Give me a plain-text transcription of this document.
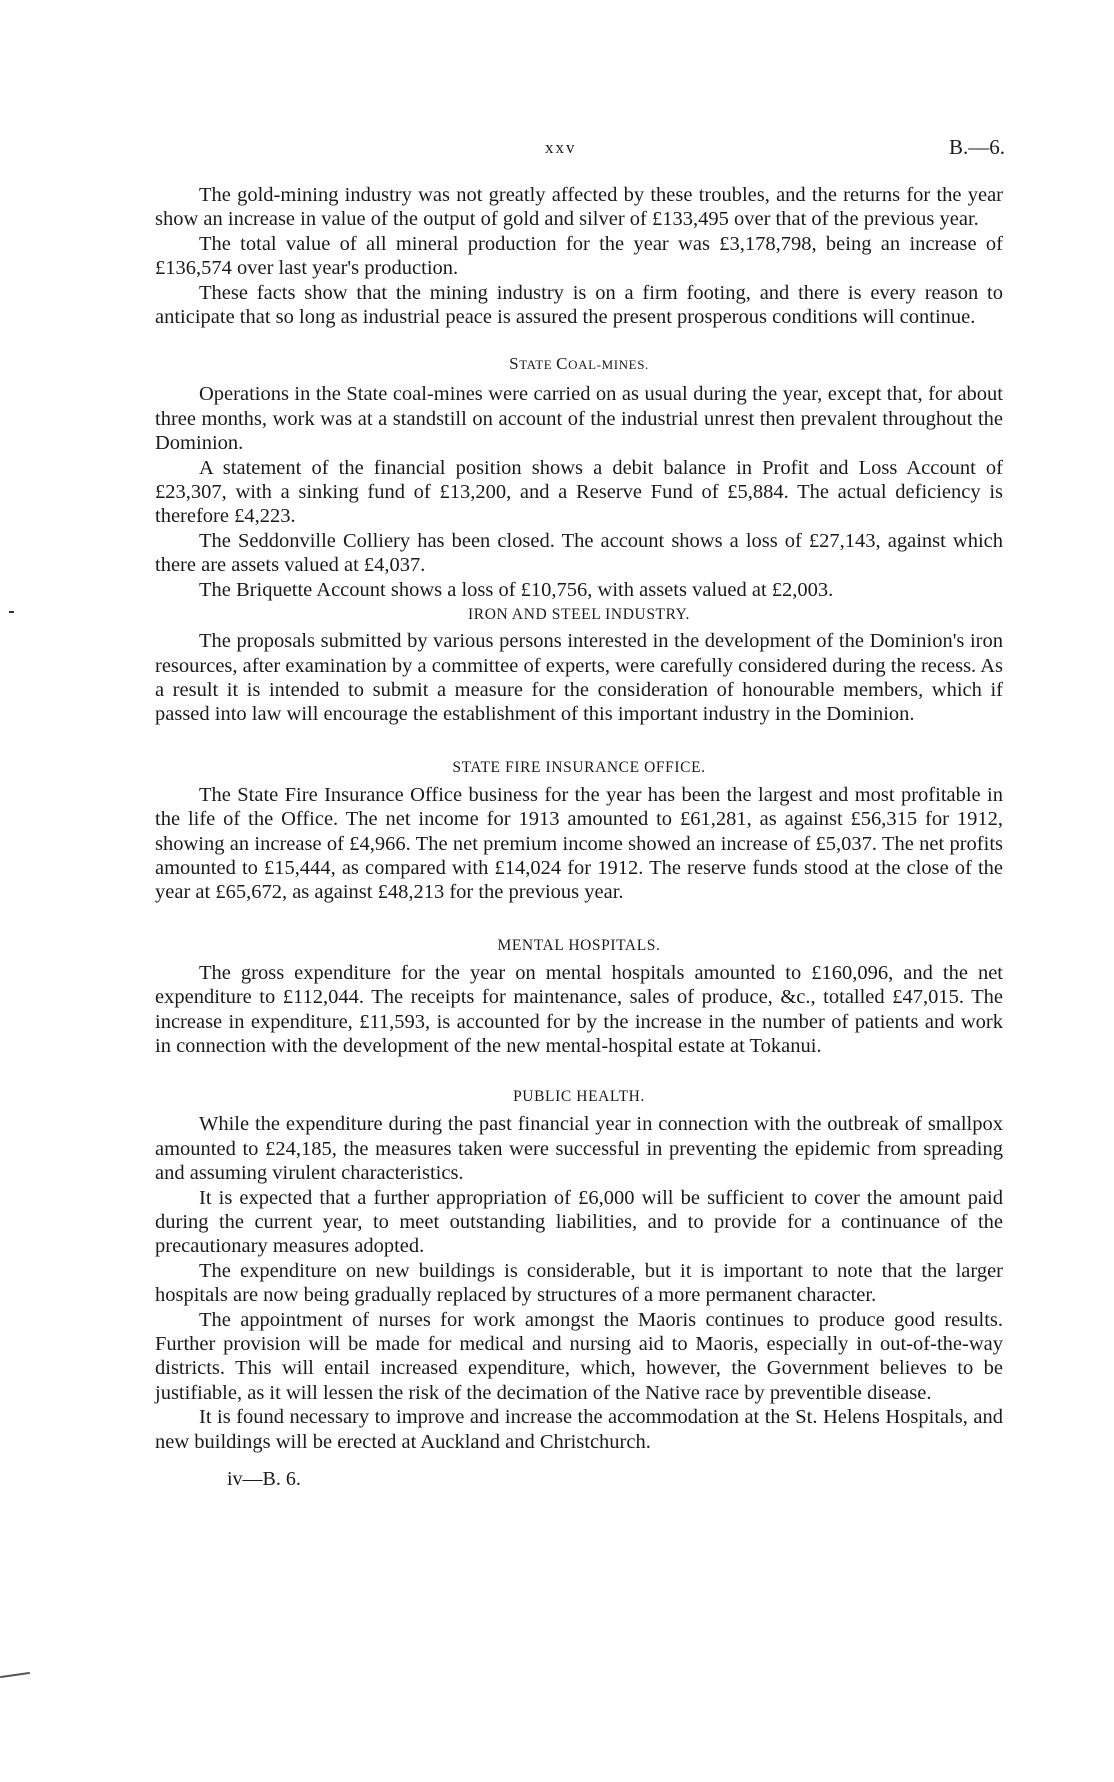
xxv	B.—6.

The gold-mining industry was not greatly affected by these troubles, and the returns for the year show an increase in value of the output of gold and silver of £133,495 over that of the previous year.

The total value of all mineral production for the year was £3,178,798, being an increase of £136,574 over last year's production.

These facts show that the mining industry is on a firm footing, and there is every reason to anticipate that so long as industrial peace is assured the present prosperous conditions will continue.

STATE COAL-MINES.

Operations in the State coal-mines were carried on as usual during the year, except that, for about three months, work was at a standstill on account of the industrial unrest then prevalent throughout the Dominion.

A statement of the financial position shows a debit balance in Profit and Loss Account of £23,307, with a sinking fund of £13,200, and a Reserve Fund of £5,884. The actual deficiency is therefore £4,223.

The Seddonville Colliery has been closed. The account shows a loss of £27,143, against which there are assets valued at £4,037.

The Briquette Account shows a loss of £10,756, with assets valued at £2,003.

IRON AND STEEL INDUSTRY.

The proposals submitted by various persons interested in the development of the Dominion's iron resources, after examination by a committee of experts, were carefully considered during the recess. As a result it is intended to submit a measure for the consideration of honourable members, which if passed into law will encourage the establishment of this important industry in the Dominion.

STATE FIRE INSURANCE OFFICE.

The State Fire Insurance Office business for the year has been the largest and most profitable in the life of the Office. The net income for 1913 amounted to £61,281, as against £56,315 for 1912, showing an increase of £4,966. The net premium income showed an increase of £5,037. The net profits amounted to £15,444, as compared with £14,024 for 1912. The reserve funds stood at the close of the year at £65,672, as against £48,213 for the previous year.

MENTAL HOSPITALS.

The gross expenditure for the year on mental hospitals amounted to £160,096, and the net expenditure to £112,044. The receipts for maintenance, sales of produce, &c., totalled £47,015. The increase in expenditure, £11,593, is accounted for by the increase in the number of patients and work in connection with the development of the new mental-hospital estate at Tokanui.

PUBLIC HEALTH.

While the expenditure during the past financial year in connection with the outbreak of smallpox amounted to £24,185, the measures taken were successful in preventing the epidemic from spreading and assuming virulent characteristics.

It is expected that a further appropriation of £6,000 will be sufficient to cover the amount paid during the current year, to meet outstanding liabilities, and to provide for a continuance of the precautionary measures adopted.

The expenditure on new buildings is considerable, but it is important to note that the larger hospitals are now being gradually replaced by structures of a more permanent character.

The appointment of nurses for work amongst the Maoris continues to produce good results. Further provision will be made for medical and nursing aid to Maoris, especially in out-of-the-way districts. This will entail increased expenditure, which, however, the Government believes to be justifiable, as it will lessen the risk of the decimation of the Native race by preventible disease.

It is found necessary to improve and increase the accommodation at the St. Helens Hospitals, and new buildings will be erected at Auckland and Christchurch.

iv—B. 6.
